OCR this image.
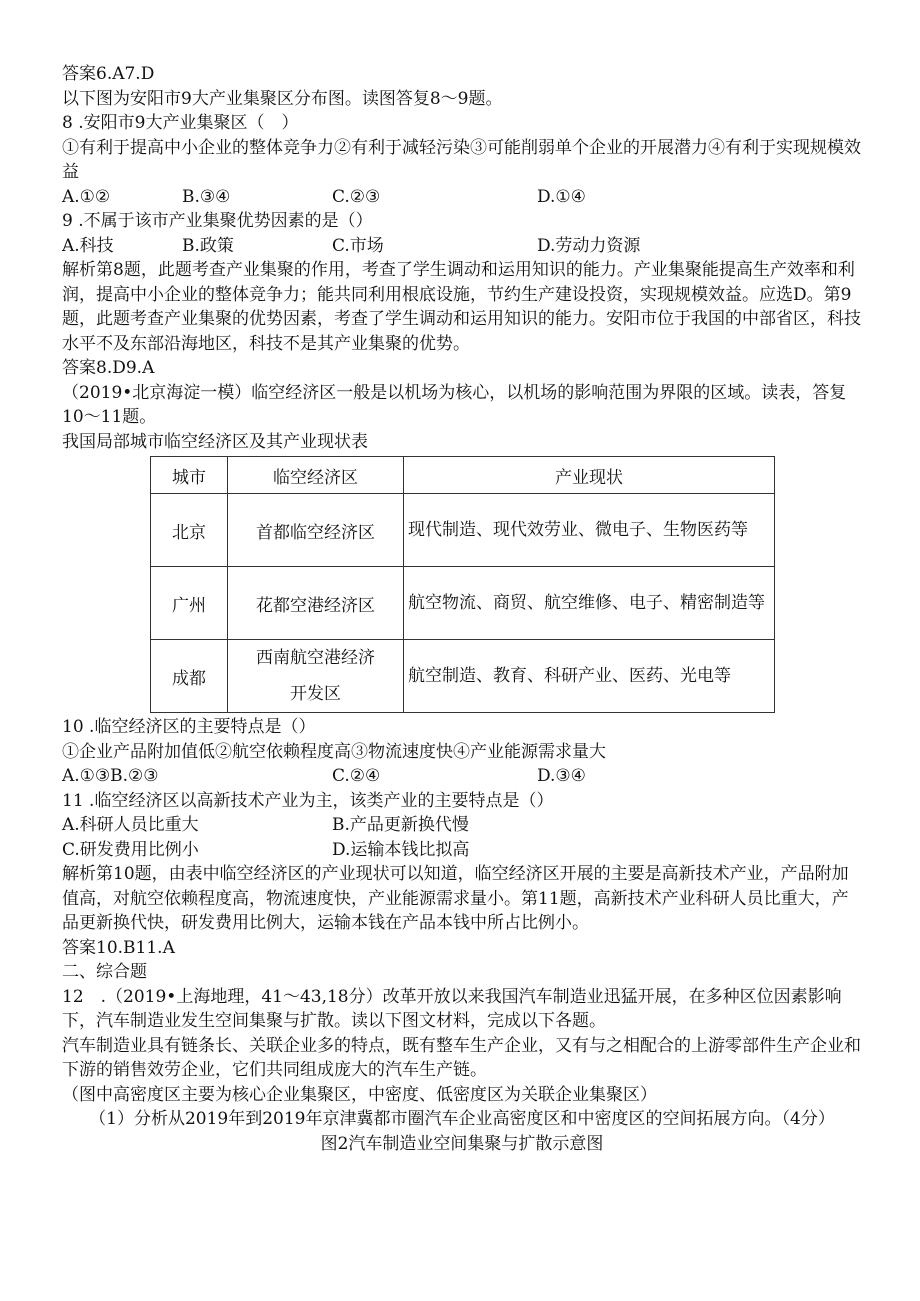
答案6.A7.D
以下图为安阳市9大产业集聚区分布图。读图答复8～9题。
8 .安阳市9大产业集聚区（　）
①有利于提高中小企业的整体竞争力②有利于减轻污染③可能削弱单个企业的开展潜力④有利于实现规模效益
A.①②	B.③④	C.②③	D.①④
9 .不属于该市产业集聚优势因素的是（）
A.科技	B.政策	C.市场	D.劳动力资源
解析第8题，此题考查产业集聚的作用，考查了学生调动和运用知识的能力。产业集聚能提高生产效率和利润，提高中小企业的整体竞争力；能共同利用根底设施，节约生产建设投资，实现规模效益。应选D。第9题，此题考查产业集聚的优势因素，考查了学生调动和运用知识的能力。安阳市位于我国的中部省区，科技水平不及东部沿海地区，科技不是其产业集聚的优势。
答案8.D9.A
（2019•北京海淀一模）临空经济区一般是以机场为核心，以机场的影响范围为界限的区域。读表，答复10～11题。
我国局部城市临空经济区及其产业现状表
城市	临空经济区	产业现状
北京	首都临空经济区	现代制造、现代效劳业、微电子、生物医药等
广州	花都空港经济区	航空物流、商贸、航空维修、电子、精密制造等
成都	西南航空港经济开发区	航空制造、教育、科研产业、医药、光电等
10 .临空经济区的主要特点是（）
①企业产品附加值低②航空依赖程度高③物流速度快④产业能源需求量大
A.①③B.②③	C.②④	D.③④
11 .临空经济区以高新技术产业为主，该类产业的主要特点是（）
A.科研人员比重大	B.产品更新换代慢
C.研发费用比例小	D.运输本钱比拟高
解析第10题，由表中临空经济区的产业现状可以知道，临空经济区开展的主要是高新技术产业，产品附加值高，对航空依赖程度高，物流速度快，产业能源需求量小。第11题，高新技术产业科研人员比重大，产品更新换代快，研发费用比例大，运输本钱在产品本钱中所占比例小。
答案10.B11.A
二、综合题
12　.（2019•上海地理，41～43,18分）改革开放以来我国汽车制造业迅猛开展，在多种区位因素影响下，汽车制造业发生空间集聚与扩散。读以下图文材料，完成以下各题。
汽车制造业具有链条长、关联企业多的特点，既有整车生产企业，又有与之相配合的上游零部件生产企业和下游的销售效劳企业，它们共同组成庞大的汽车生产链。
（图中高密度区主要为核心企业集聚区，中密度、低密度区为关联企业集聚区）
（1）分析从2019年到2019年京津冀都市圈汽车企业高密度区和中密度区的空间拓展方向。（4分）
图2汽车制造业空间集聚与扩散示意图
